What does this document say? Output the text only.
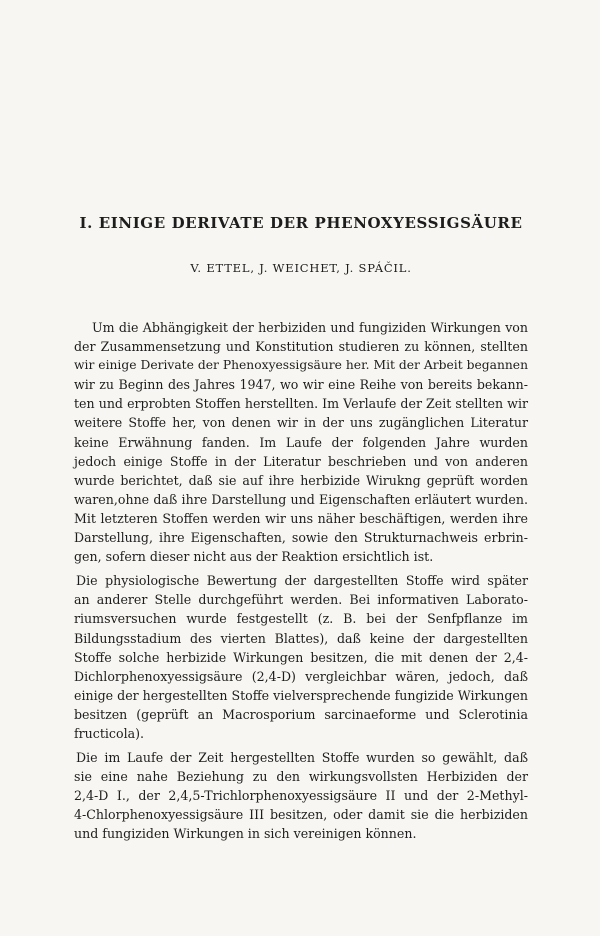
I. EINIGE DERIVATE DER PHENOXYESSIGSÄURE
V. ETTEL, J. WEICHET, J. SPÁČIL.

Um die Abhängigkeit der herbiziden und fungiziden Wirkungen von
der Zusammensetzung und Konstitution studieren zu können, stellten
wir einige Derivate der Phenoxyessigsäure her. Mit der Arbeit begannen
wir zu Beginn des Jahres 1947, wo wir eine Reihe von bereits bekann-
ten und erprobten Stoffen herstellten. Im Verlaufe der Zeit stellten wir
weitere Stoffe her, von denen wir in der uns zugänglichen Literatur
keine Erwähnung fanden. Im Laufe der folgenden Jahre wurden
jedoch einige Stoffe in der Literatur beschrieben und von anderen
wurde berichtet, daß sie auf ihre herbizide Wirukng geprüft worden
waren,ohne daß ihre Darstellung und Eigenschaften erläutert wurden.
Mit letzteren Stoffen werden wir uns näher beschäftigen, werden ihre
Darstellung, ihre Eigenschaften, sowie den Strukturnachweis erbrin-
gen, sofern dieser nicht aus der Reaktion ersichtlich ist.

Die physiologische Bewertung der dargestellten Stoffe wird später
an anderer Stelle durchgeführt werden. Bei informativen Laborato-
riumsversuchen wurde festgestellt (z. B. bei der Senfpflanze im
Bildungsstadium des vierten Blattes), daß keine der dargestellten
Stoffe solche herbizide Wirkungen besitzen, die mit denen der 2,4-
Dichlorphenoxyessigsäure (2,4-D) vergleichbar wären, jedoch, daß
einige der hergestellten Stoffe vielversprechende fungizide Wirkungen
besitzen (geprüft an Macrosporium sarcinaeforme und Sclerotinia
fructicola).

Die im Laufe der Zeit hergestellten Stoffe wurden so gewählt, daß
sie eine nahe Beziehung zu den wirkungsvollsten Herbiziden der
2,4-D I., der 2,4,5-Trichlorphenoxyessigsäure II und der 2-Methyl-
4-Chlorphenoxyessigsäure III besitzen, oder damit sie die herbiziden
und fungiziden Wirkungen in sich vereinigen können.
